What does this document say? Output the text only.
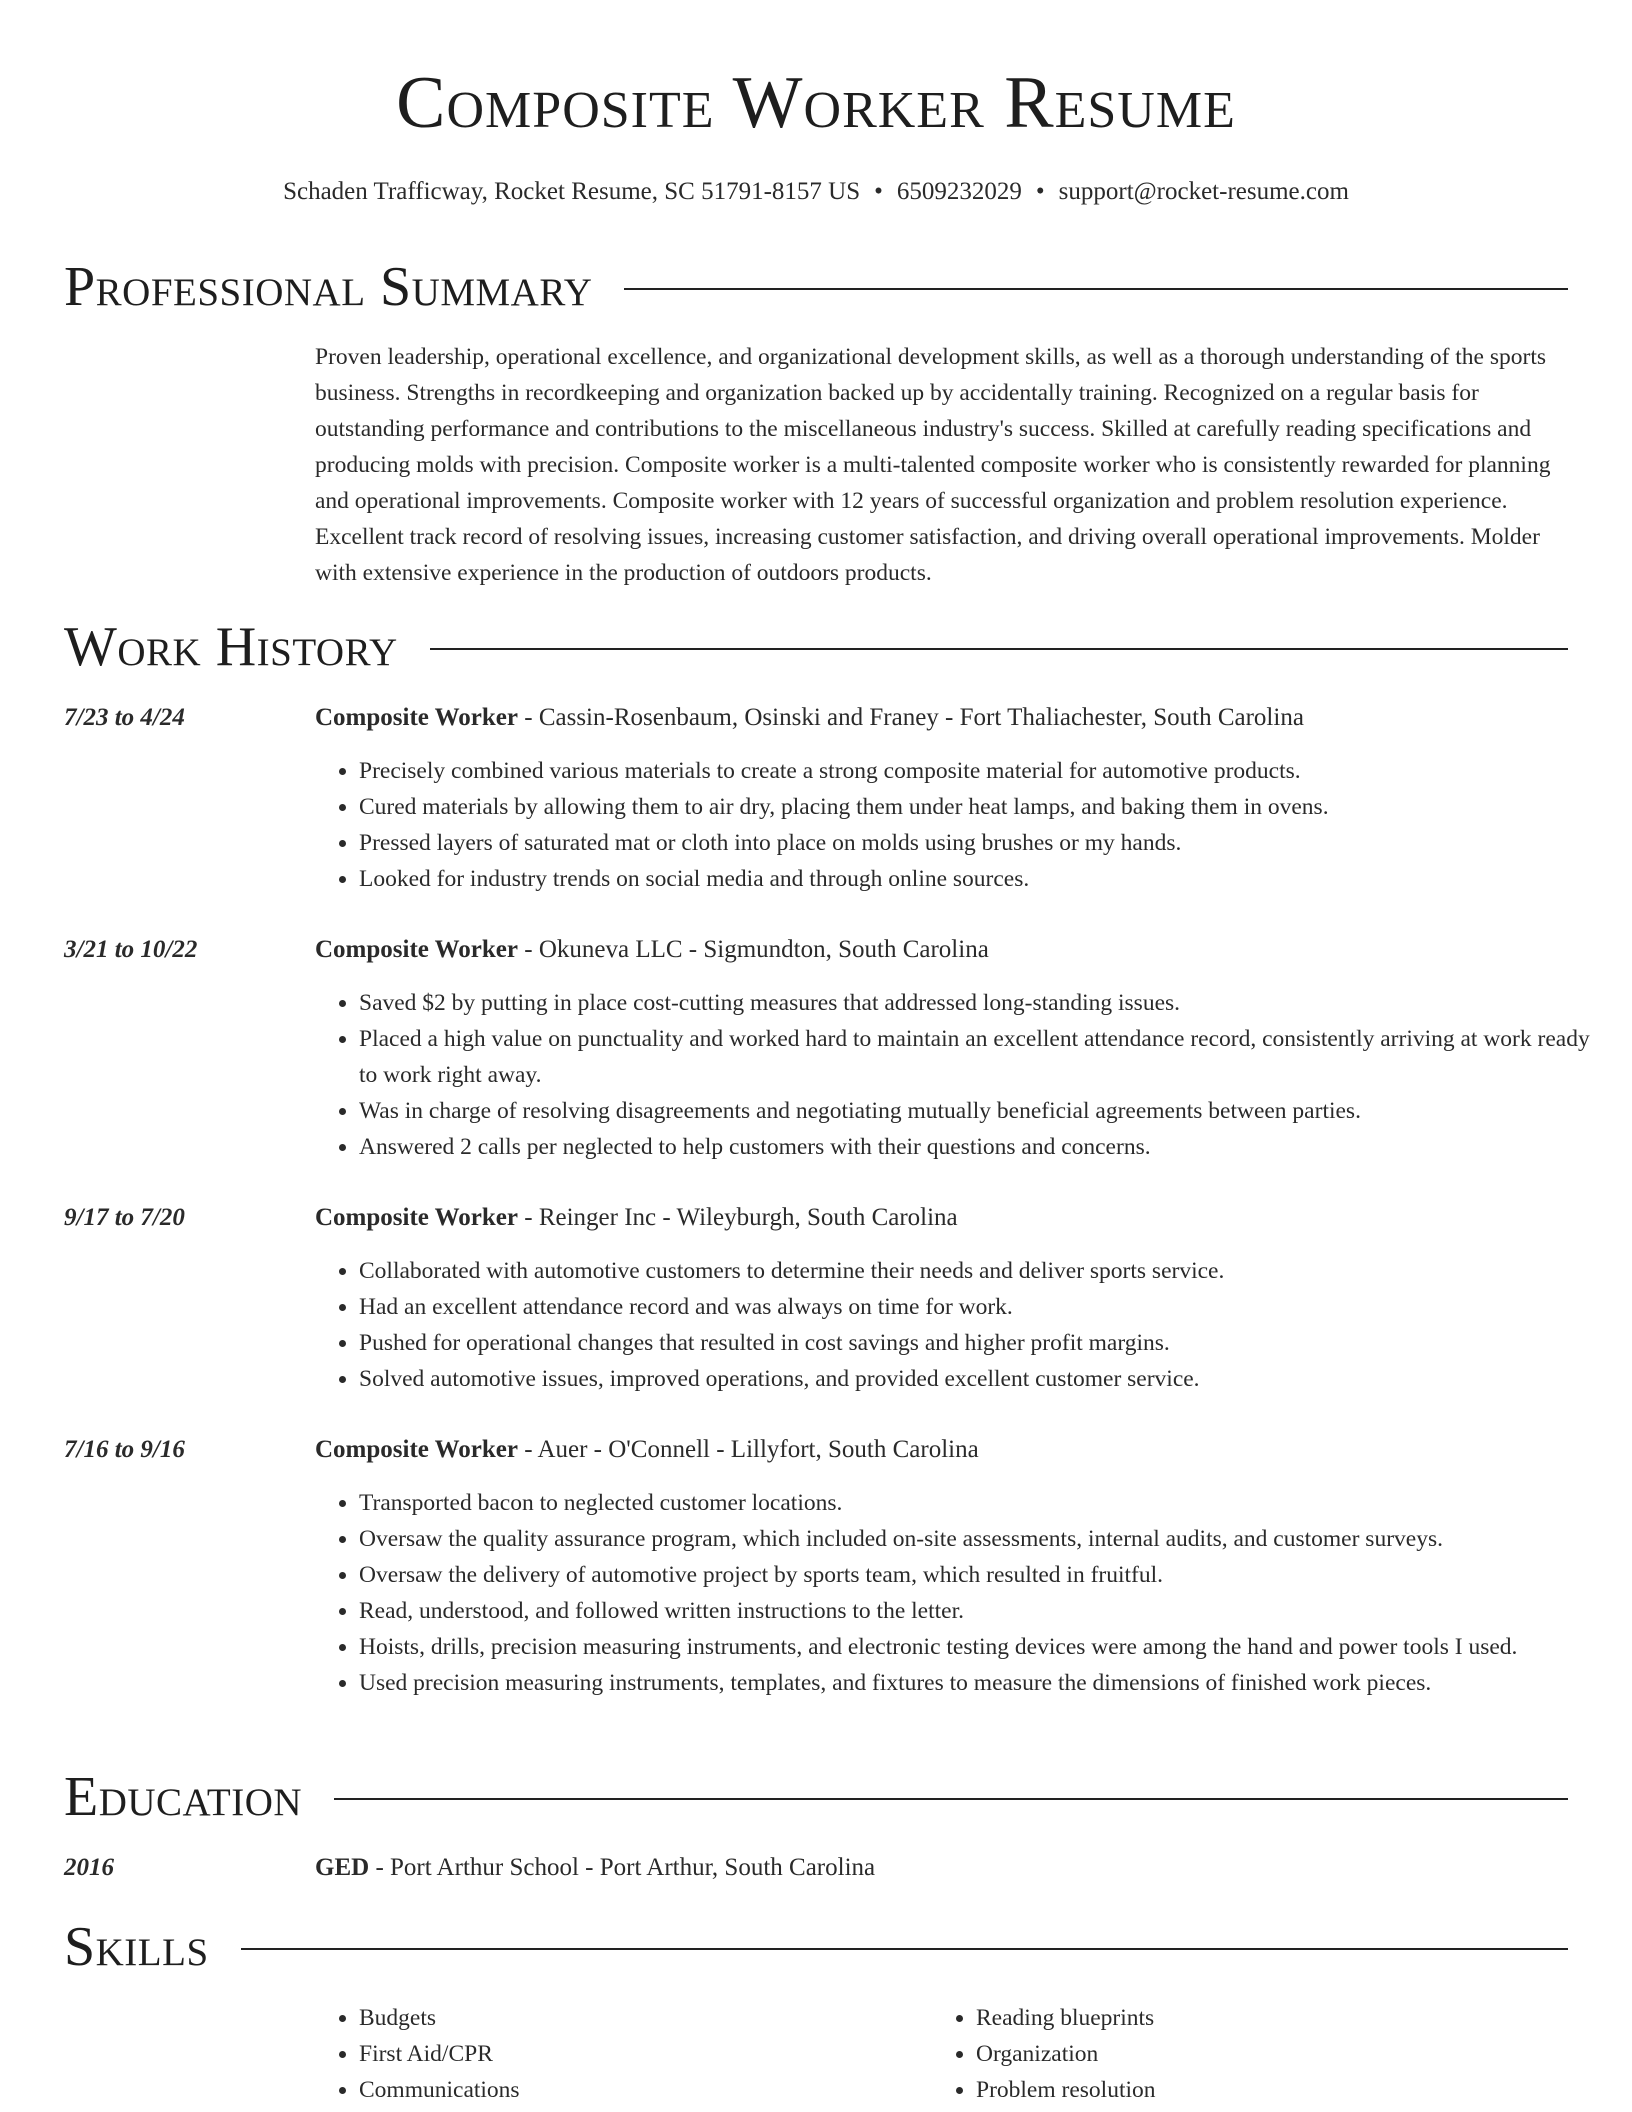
Composite Worker Resume
Schaden Trafficway, Rocket Resume, SC 51791-8157 US • 6509232029 • support@rocket-resume.com
Professional Summary

Proven leadership, operational excellence, and organizational development skills, as well as a thorough understanding of the sports business. Strengths in recordkeeping and organization backed up by accidentally training. Recognized on a regular basis for outstanding performance and contributions to the miscellaneous industry's success. Skilled at carefully reading specifications and producing molds with precision. Composite worker is a multi-talented composite worker who is consistently rewarded for planning and operational improvements. Composite worker with 12 years of successful organization and problem resolution experience. Excellent track record of resolving issues, increasing customer satisfaction, and driving overall operational improvements. Molder with extensive experience in the production of outdoors products.

Work History
7/23 to 4/24	Composite Worker - Cassin-Rosenbaum, Osinski and Franey - Fort Thaliachester, South Carolina
• Precisely combined various materials to create a strong composite material for automotive products.
• Cured materials by allowing them to air dry, placing them under heat lamps, and baking them in ovens.
• Pressed layers of saturated mat or cloth into place on molds using brushes or my hands.
• Looked for industry trends on social media and through online sources.
3/21 to 10/22	Composite Worker - Okuneva LLC - Sigmundton, South Carolina
• Saved $2 by putting in place cost-cutting measures that addressed long-standing issues.
• Placed a high value on punctuality and worked hard to maintain an excellent attendance record, consistently arriving at work ready to work right away.
• Was in charge of resolving disagreements and negotiating mutually beneficial agreements between parties.
• Answered 2 calls per neglected to help customers with their questions and concerns.
9/17 to 7/20	Composite Worker - Reinger Inc - Wileyburgh, South Carolina
• Collaborated with automotive customers to determine their needs and deliver sports service.
• Had an excellent attendance record and was always on time for work.
• Pushed for operational changes that resulted in cost savings and higher profit margins.
• Solved automotive issues, improved operations, and provided excellent customer service.
7/16 to 9/16	Composite Worker - Auer - O'Connell - Lillyfort, South Carolina
• Transported bacon to neglected customer locations.
• Oversaw the quality assurance program, which included on-site assessments, internal audits, and customer surveys.
• Oversaw the delivery of automotive project by sports team, which resulted in fruitful.
• Read, understood, and followed written instructions to the letter.
• Hoists, drills, precision measuring instruments, and electronic testing devices were among the hand and power tools I used.
• Used precision measuring instruments, templates, and fixtures to measure the dimensions of finished work pieces.
Education
2016	GED - Port Arthur School - Port Arthur, South Carolina
Skills
• Budgets
• First Aid/CPR
• Communications
• Reading blueprints
• Organization
• Problem resolution
